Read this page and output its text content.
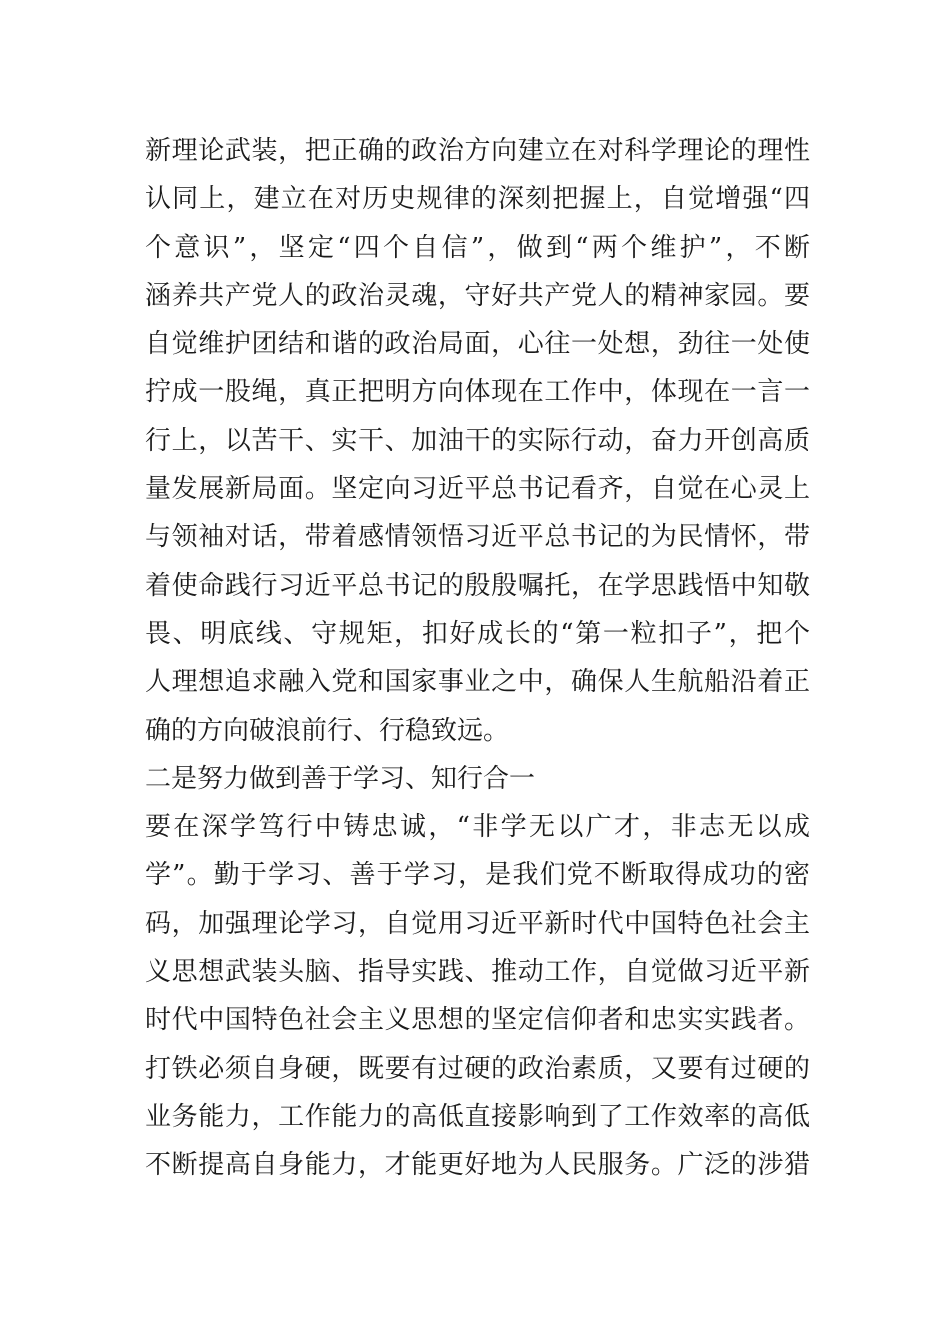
新理论武装，把正确的政治方向建立在对科学理论的理性
认同上，建立在对历史规律的深刻把握上，自觉增强“四
个意识”，坚定“四个自信”，做到“两个维护”，不断
涵养共产党人的政治灵魂，守好共产党人的精神家园。要
自觉维护团结和谐的政治局面，心往一处想，劲往一处使
拧成一股绳，真正把明方向体现在工作中，体现在一言一
行上，以苦干、实干、加油干的实际行动，奋力开创高质
量发展新局面。坚定向习近平总书记看齐，自觉在心灵上
与领袖对话，带着感情领悟习近平总书记的为民情怀，带
着使命践行习近平总书记的殷殷嘱托，在学思践悟中知敬
畏、明底线、守规矩，扣好成长的“第一粒扣子”，把个
人理想追求融入党和国家事业之中，确保人生航船沿着正
确的方向破浪前行、行稳致远。
二是努力做到善于学习、知行合一
要在深学笃行中铸忠诚，“非学无以广才，非志无以成
学”。勤于学习、善于学习，是我们党不断取得成功的密
码，加强理论学习，自觉用习近平新时代中国特色社会主
义思想武装头脑、指导实践、推动工作，自觉做习近平新
时代中国特色社会主义思想的坚定信仰者和忠实实践者。
打铁必须自身硬，既要有过硬的政治素质，又要有过硬的
业务能力，工作能力的高低直接影响到了工作效率的高低
不断提高自身能力，才能更好地为人民服务。广泛的涉猎
